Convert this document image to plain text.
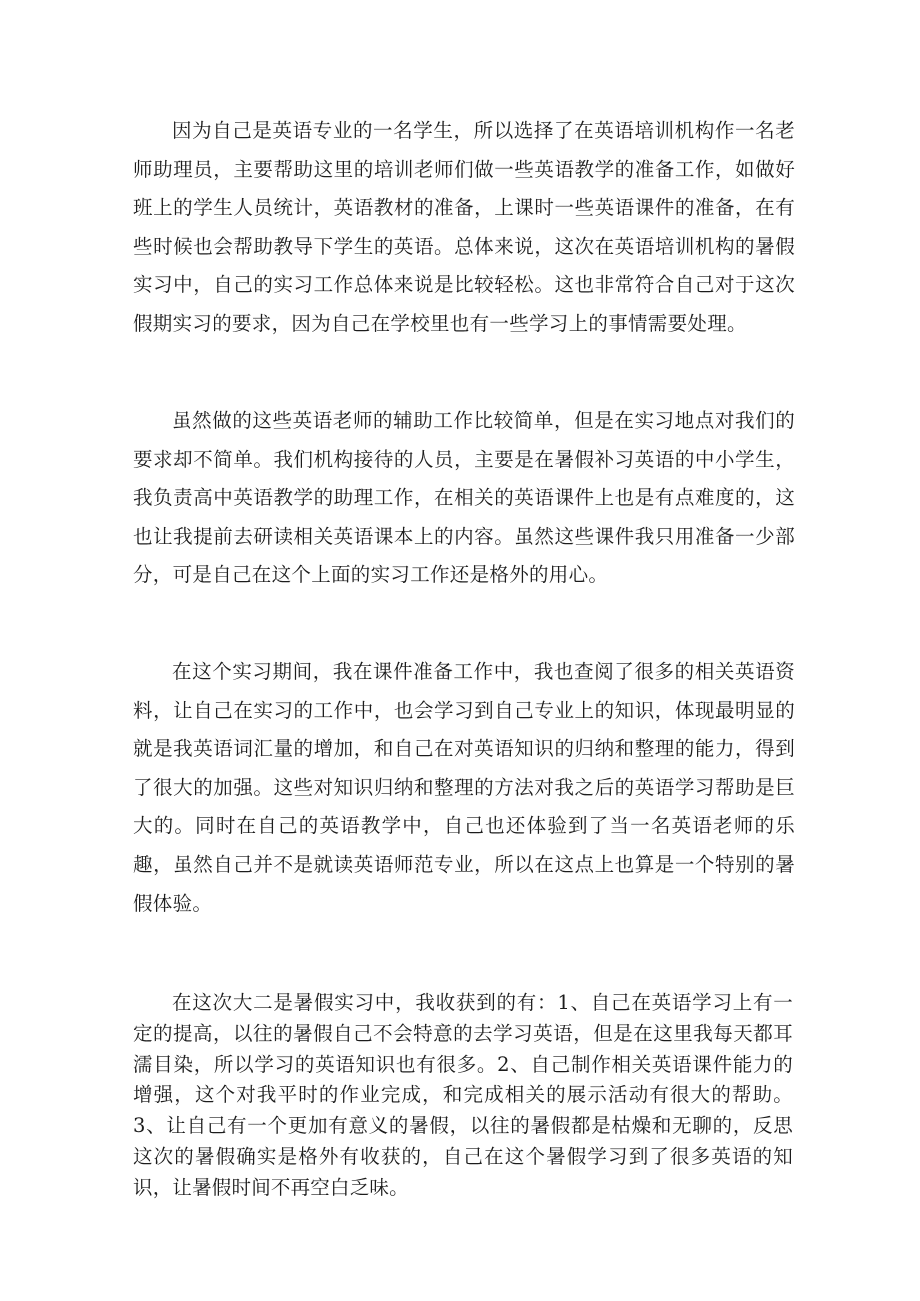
因为自己是英语专业的一名学生，所以选择了在英语培训机构作一名老师助理员，主要帮助这里的培训老师们做一些英语教学的准备工作，如做好班上的学生人员统计，英语教材的准备，上课时一些英语课件的准备，在有些时候也会帮助教导下学生的英语。总体来说，这次在英语培训机构的暑假实习中，自己的实习工作总体来说是比较轻松。这也非常符合自己对于这次假期实习的要求，因为自己在学校里也有一些学习上的事情需要处理。

虽然做的这些英语老师的辅助工作比较简单，但是在实习地点对我们的要求却不简单。我们机构接待的人员，主要是在暑假补习英语的中小学生，我负责高中英语教学的助理工作，在相关的英语课件上也是有点难度的，这也让我提前去研读相关英语课本上的内容。虽然这些课件我只用准备一少部分，可是自己在这个上面的实习工作还是格外的用心。

在这个实习期间，我在课件准备工作中，我也查阅了很多的相关英语资料，让自己在实习的工作中，也会学习到自己专业上的知识，体现最明显的就是我英语词汇量的增加，和自己在对英语知识的归纳和整理的能力，得到了很大的加强。这些对知识归纳和整理的方法对我之后的英语学习帮助是巨大的。同时在自己的英语教学中，自己也还体验到了当一名英语老师的乐趣，虽然自己并不是就读英语师范专业，所以在这点上也算是一个特别的暑假体验。

在这次大二是暑假实习中，我收获到的有：1、自己在英语学习上有一定的提高，以往的暑假自己不会特意的去学习英语，但是在这里我每天都耳濡目染，所以学习的英语知识也有很多。2、自己制作相关英语课件能力的增强，这个对我平时的作业完成，和完成相关的展示活动有很大的帮助。3、让自己有一个更加有意义的暑假，以往的暑假都是枯燥和无聊的，反思这次的暑假确实是格外有收获的，自己在这个暑假学习到了很多英语的知识，让暑假时间不再空白乏味。
